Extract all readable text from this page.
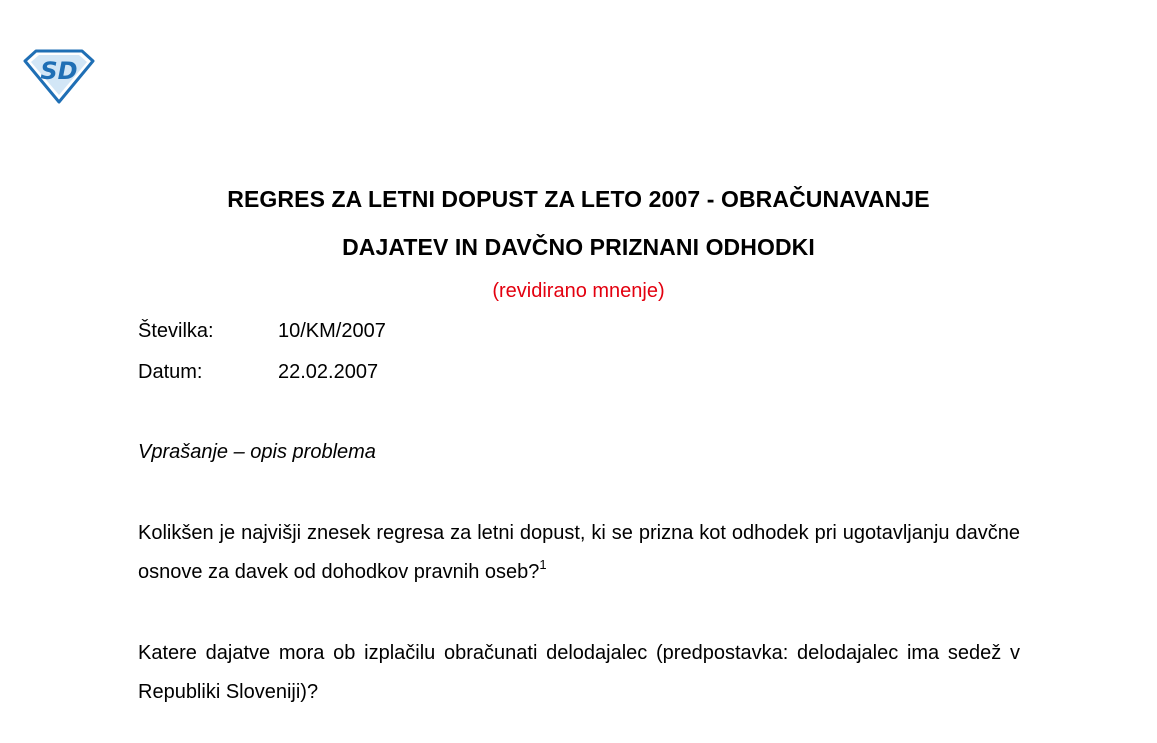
SD
REGRES ZA LETNI DOPUST ZA LETO 2007 - OBRAČUNAVANJE
DAJATEV IN DAVČNO PRIZNANI ODHODKI
(revidirano mnenje)
Številka:	10/KM/2007
Datum:	22.02.2007
Vprašanje – opis problema
Kolikšen je najvišji znesek regresa za letni dopust, ki se prizna kot odhodek pri ugotavljanju davčne osnove za davek od dohodkov pravnih oseb?$^1$
Katere dajatve mora ob izplačilu obračunati delodajalec (predpostavka: delodajalec ima sedež v Republiki Sloveniji)?
